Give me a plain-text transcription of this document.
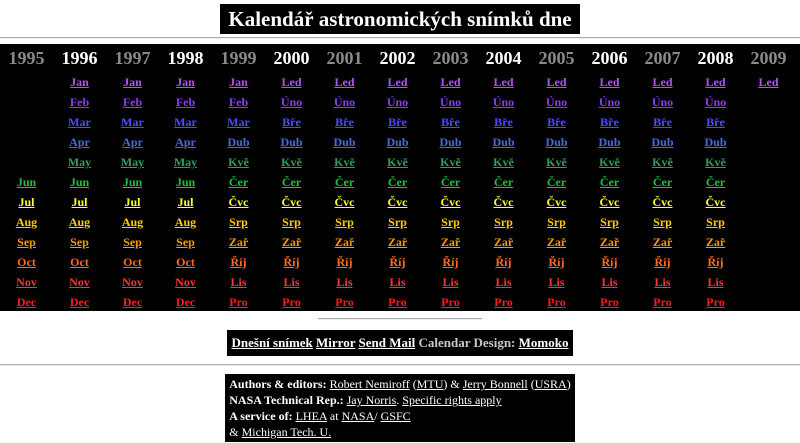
Kalendář astronomických snímků dne
1995
Jun
Jul
Aug
Sep
Oct
Nov
Dec
1996
Jan
Feb
Mar
Apr
May
Jun
Jul
Aug
Sep
Oct
Nov
Dec
1997
Jan
Feb
Mar
Apr
May
Jun
Jul
Aug
Sep
Oct
Nov
Dec
1998
Jan
Feb
Mar
Apr
May
Jun
Jul
Aug
Sep
Oct
Nov
Dec
1999
Jan
Feb
Mar
Dub
Kvě
Čer
Čvc
Srp
Zař
Říj
Lis
Pro
2000
Led
Úno
Bře
Dub
Kvě
Čer
Čvc
Srp
Zař
Říj
Lis
Pro
2001
Led
Úno
Bře
Dub
Kvě
Čer
Čvc
Srp
Zař
Říj
Lis
Pro
2002
Led
Úno
Bře
Dub
Kvě
Čer
Čvc
Srp
Zař
Říj
Lis
Pro
2003
Led
Úno
Bře
Dub
Kvě
Čer
Čvc
Srp
Zař
Říj
Lis
Pro
2004
Led
Úno
Bře
Dub
Kvě
Čer
Čvc
Srp
Zař
Říj
Lis
Pro
2005
Led
Úno
Bře
Dub
Kvě
Čer
Čvc
Srp
Zař
Říj
Lis
Pro
2006
Led
Úno
Bře
Dub
Kvě
Čer
Čvc
Srp
Zař
Říj
Lis
Pro
2007
Led
Úno
Bře
Dub
Kvě
Čer
Čvc
Srp
Zař
Říj
Lis
Pro
2008
Led
Úno
Bře
Dub
Kvě
Čer
Čvc
Srp
Zař
Říj
Lis
Pro
2009
Led
Dnešní snímek Mirror Send Mail Calendar Design: Momoko
Authors & editors: Robert Nemiroff (MTU) & Jerry Bonnell (USRA)
NASA Technical Rep.: Jay Norris. Specific rights apply
A service of: LHEA at NASA/ GSFC
& Michigan Tech. U.
